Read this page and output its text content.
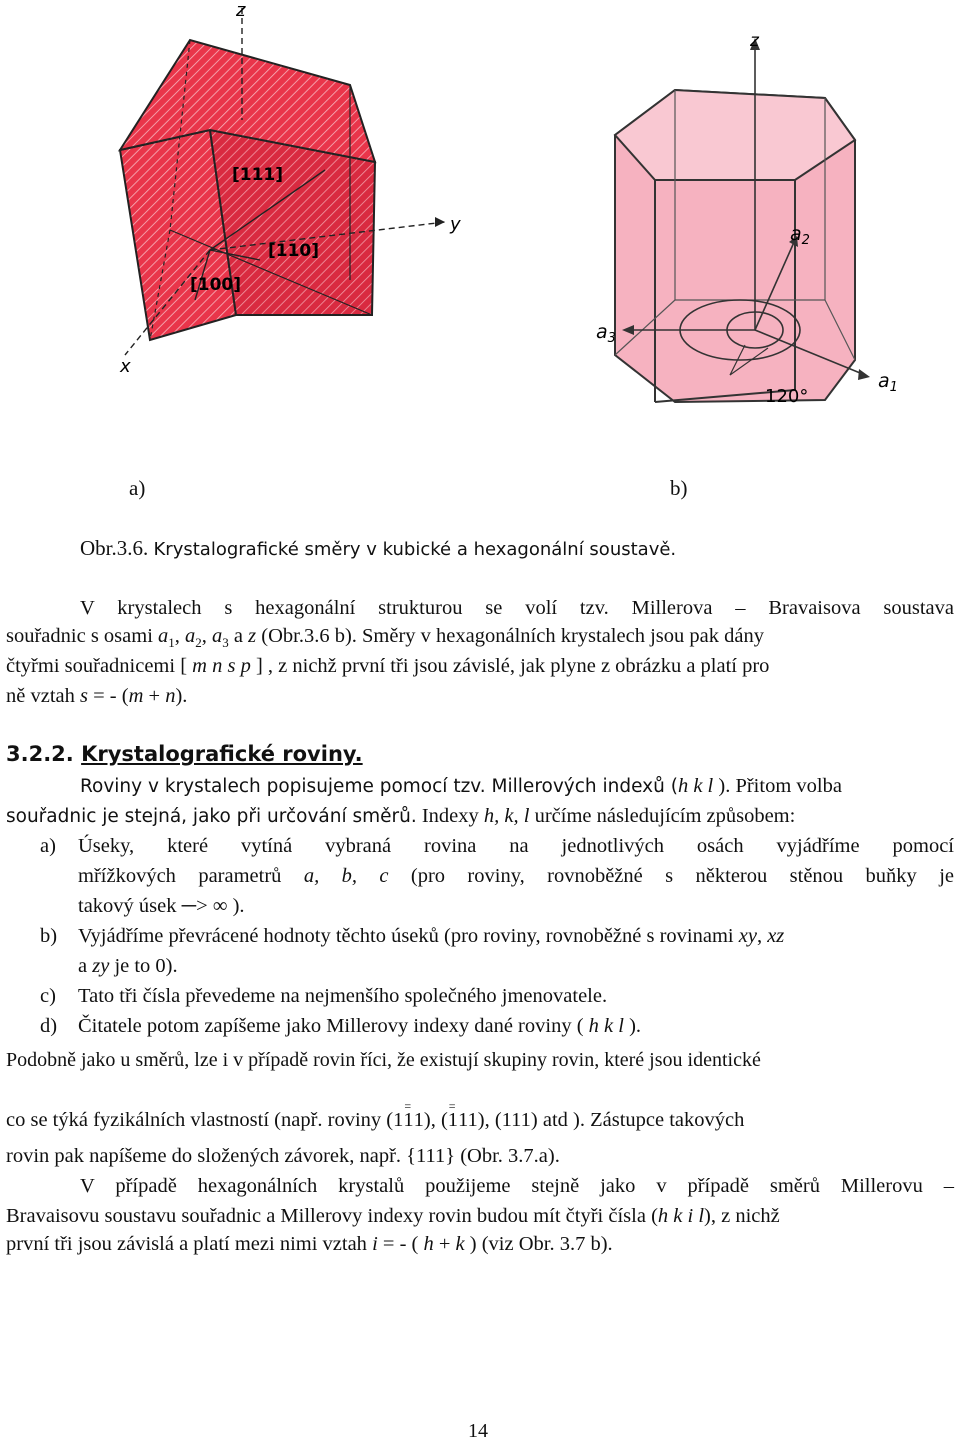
z
y
x
[111]
[110]
[100]
z
$a_2$
$a_1$
$a_3$
120°
a)	b)
Obr.3.6. Krystalografické směry v kubické a hexagonální soustavě.
V krystalech s hexagonální strukturou se volí tzv. Millerova – Bravaisova soustava
souřadnic s osami $a_1$, $a_2$, $a_3$ a z (Obr.3.6 b). Směry v hexagonálních krystalech jsou pak dány
čtyřmi souřadnicemi [ m n s p ] , z nichž první tři jsou závislé, jak plyne z obrázku a platí pro
ně vztah s = - (m + n).
3.2.2. Krystalografické roviny.
Roviny v krystalech popisujeme pomocí tzv. Millerových indexů (h k l ). Přitom volba
souřadnic je stejná, jako při určování směrů. Indexy h, k, l určíme následujícím způsobem:
a) Úseky, které vytíná vybraná rovina na jednotlivých osách vyjádříme pomocí
mřížkových parametrů a, b, c (pro roviny, rovnoběžné s některou stěnou buňky je
takový úsek ─> ∞ ).
b) Vyjádříme převrácené hodnoty těchto úseků (pro roviny, rovnoběžné s rovinami xy, xz
a zy je to 0).
c) Tato tři čísla převedeme na nejmenšího společného jmenovatele.
d) Čitatele potom zapíšeme jako Millerovy indexy dané roviny ( h k l ).
Podobně jako u směrů, lze i v případě rovin říci, že existují skupiny rovin, které jsou identické
co se týká fyzikálních vlastností (např. roviny (1= 11), (= 111), (111) atd ). Zástupce takových
rovin pak napíšeme do složených závorek, např. {111} (Obr. 3.7.a).
V případě hexagonálních krystalů použijeme stejně jako v případě směrů Millerovu –
Bravaisovu soustavu souřadnic a Millerovy indexy rovin budou mít čtyři čísla (h k i l), z nichž
první tři jsou závislá a platí mezi nimi vztah i = - ( h + k ) (viz Obr. 3.7 b).
14
